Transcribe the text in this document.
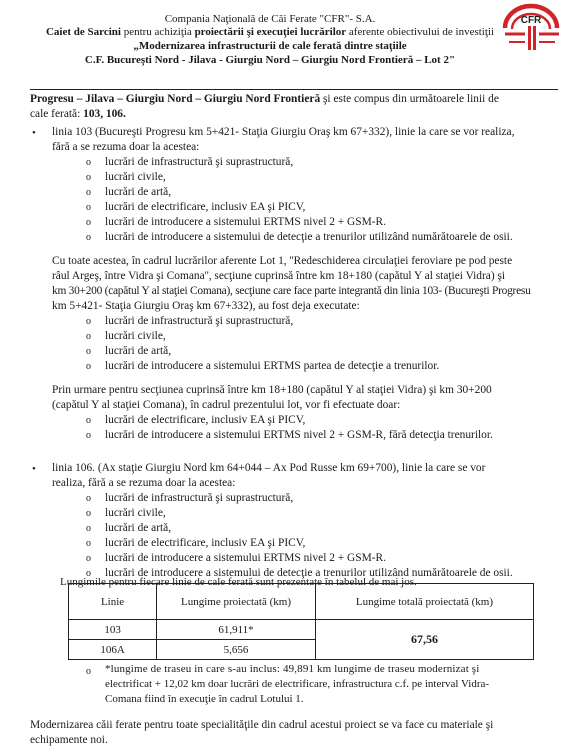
Compania Naţională de Căi Ferate "CFR"- S.A.
Caiet de Sarcini pentru achiziţia proiectării şi execuţiei lucrărilor aferente obiectivului de investiţii
„Modernizarea infrastructurii de cale ferată dintre staţiile
C.F. Bucureşti Nord - Jilava - Giurgiu Nord – Giurgiu Nord Frontieră – Lot 2"
CFR
Progresu – Jilava – Giurgiu Nord – Giurgiu Nord Frontieră şi este compus din următoarele linii de
cale ferată: 103, 106.
• linia 103 (Bucureşti Progresu km 5+421- Staţia Giurgiu Oraş km 67+332), linie la care se vor realiza,
fără a se rezuma doar la acestea:
o lucrări de infrastructură şi suprastructură,
o lucrări civile,
o lucrări de artă,
o lucrări de electrificare, inclusiv EA şi PICV,
o lucrări de introducere a sistemului ERTMS nivel 2 + GSM-R.
o lucrări de introducere a sistemului de detecţie a trenurilor utilizând numărătoarele de osii.
Cu toate acestea, în cadrul lucrărilor aferente Lot 1, ''Redeschiderea circulaţiei feroviare pe pod peste
râul Argeş, între Vidra şi Comana'', secţiune cuprinsă între km 18+180 (capătul Y al staţiei Vidra) şi
km 30+200 (capătul Y al staţiei Comana), secţiune care face parte integrantă din linia 103- (Bucureşti Progresu
km 5+421- Staţia Giurgiu Oraş km 67+332), au fost deja executate:
o lucrări de infrastructură şi suprastructură,
o lucrări civile,
o lucrări de artă,
o lucrări de introducere a sistemului ERTMS partea de detecţie a trenurilor.
Prin urmare pentru secţiunea cuprinsă între km 18+180 (capătul Y al staţiei Vidra) şi km 30+200
(capătul Y al staţiei Comana), în cadrul prezentului lot, vor fi efectuate doar:
o lucrări de electrificare, inclusiv EA şi PICV,
o lucrări de introducere a sistemului ERTMS nivel 2 + GSM-R, fără detecţia trenurilor.
• linia 106. (Ax staţie Giurgiu Nord km 64+044 – Ax Pod Russe km 69+700), linie la care se vor
realiza, fără a se rezuma doar la acestea:
o lucrări de infrastructură şi suprastructură,
o lucrări civile,
o lucrări de artă,
o lucrări de electrificare, inclusiv EA şi PICV,
o lucrări de introducere a sistemului ERTMS nivel 2 + GSM-R.
o lucrări de introducere a sistemului de detecţie a trenurilor utilizând numărătoarele de osii.
Lungimile pentru fiecare linie de cale ferată sunt prezentate în tabelul de mai jos.
Linie	Lungime proiectată (km)	Lungime totală proiectată (km)
103	61,911*	67,56
106A	5,656	
o *lungime de traseu in care s-au inclus: 49,891 km lungime de traseu modernizat şi
electrificat + 12,02 km doar lucrări de electrificare, infrastructura c.f. pe interval Vidra-
Comana fiind în execuţie în cadrul Lotului 1.
Modernizarea căii ferate pentru toate specialităţile din cadrul acestui proiect se va face cu materiale şi
echipamente noi.
